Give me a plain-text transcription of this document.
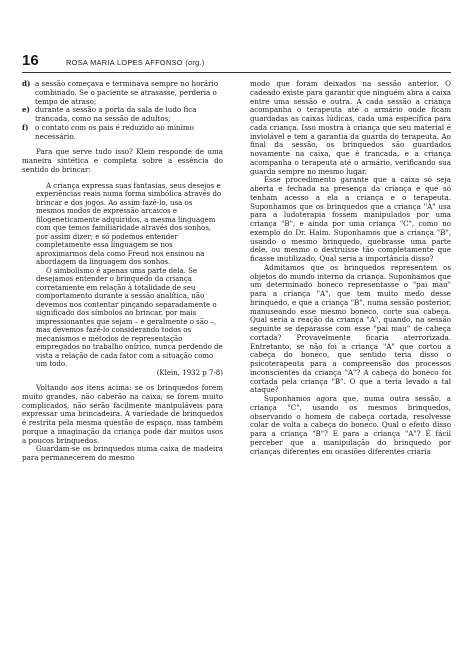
16	ROSA MARIA LOPES AFFONSO (org.)
d) a sessão começava e terminava sempre no horário combinado. Se o paciente se atrasasse, perderia o tempo de atraso;
e) durante a sessão a porta da sala de ludo fica trancada, como na sessão de adultos;
f) o contato com os pais é reduzido ao mínimo necessário.

Para que serve tudo isso? Klein responde de uma maneira sintética e completa sobre a essência do sentido do brincar:

A criança expressa suas fantasias, seus desejos e experiências reais numa forma simbólica através do brincar e dos jogos. Ao assim fazê-lo, usa os mesmos modos de expressão arcaicos e filogeneticamente adquiridos, a mesma linguagem com que temos familiaridade através dos sonhos, por assim dizer; e só podemos entender completamente essa linguagem se nos aproximarmos dela como Freud nos ensinou na abordagem da linguagem dos sonhos.

O simbolismo é apenas uma parte dela. Se desejamos entender o brinquedo da criança corretamente em relação à totalidade de seu comportamento durante a sessão analítica, não devemos nos contentar pinçando separadamente o significado dos símbolos no brincar, por mais impressionantes que sejam – e geralmente o são –, mas devemos fazê-lo considerando todos os mecanismos e métodos de representação empregados no trabalho onírico, nunca perdendo de vista a relação de cada fator com a situação como um todo.

(Klein, 1932 p 7-8)

Voltando aos itens acima: se os brinquedos forem muito grandes, não caberão na caixa; se forem muito complicados, não serão facilmente manipuláveis para expressar uma brincadeira. A variedade de brinquedos é restrita pela mesma questão de espaço, mas também porque a imaginação da criança pode dar muitos usos a poucos brinquedos.

Guardam-se os brinquedos numa caixa de madeira para permanecerem do mesmo

modo que foram deixados na sessão anterior. O cadeado existe para garantir que ninguém abra a caixa entre uma sessão e outra. A cada sessão a criança acompanha o terapeuta até o armário onde ficam guardadas as caixas lúdicas, cada uma específica para cada criança. Isso mostra à criança que seu material é inviolável e tem a garantia da guarda do terapeuta. Ao final da sessão, os brinquedos são guardados novamente na caixa, que é trancada, e a criança acompanha o terapeuta até o armário, verificando sua guarda sempre no mesmo lugar.

Esse procedimento garante que a caixa só seja aberta e fechada na presença da criança e que só tenham acesso a ela a criança e o terapeuta. Suponhamos que os brinquedos que a criança "A" usa para a ludoterapia fossem manipulados por uma criança "B", e ainda por uma criança "C", como no exemplo do Dr. Haim. Suponhamos que a criança "B", usando o mesmo brinquedo, quebrasse uma parte dele, ou mesmo o destruísse tão completamente que ficasse inutilizado. Qual seria a importância disso?

Admitamos que os brinquedos representem os objetos do mundo interno da criança. Suponhamos que um determinado boneco representasse o "pai mau" para a criança "A", que tem muito medo desse brinquedo, e que a criança "B", numa sessão posterior, manuseando esse mesmo boneco, corte sua cabeça. Qual seria a reação da criança "A", quando, na sessão seguinte se deparasse com esse "pai mau" de cabeça cortada? Provavelmente ficaria aterrorizada. Entretanto, se não foi a criança "A" que cortou a cabeça do boneco, que sentido teria disso o psicoterapeuta para a compreensão dos processos inconscientes da criança "A"? A cabeça do boneco foi cortada pela criança "B". O que a teria levado a tal ataque?

Suponhamos agora que, numa outra sessão, a criança "C", usando os mesmos brinquedos, observando o homem de cabeça cortada, resolvesse colar de volta a cabeça do boneco. Qual o efeito disso para a criança "B"? E para a criança "A"? É fácil perceber que a manipulação do brinquedo por crianças diferentes em ocasiões diferentes criaria
